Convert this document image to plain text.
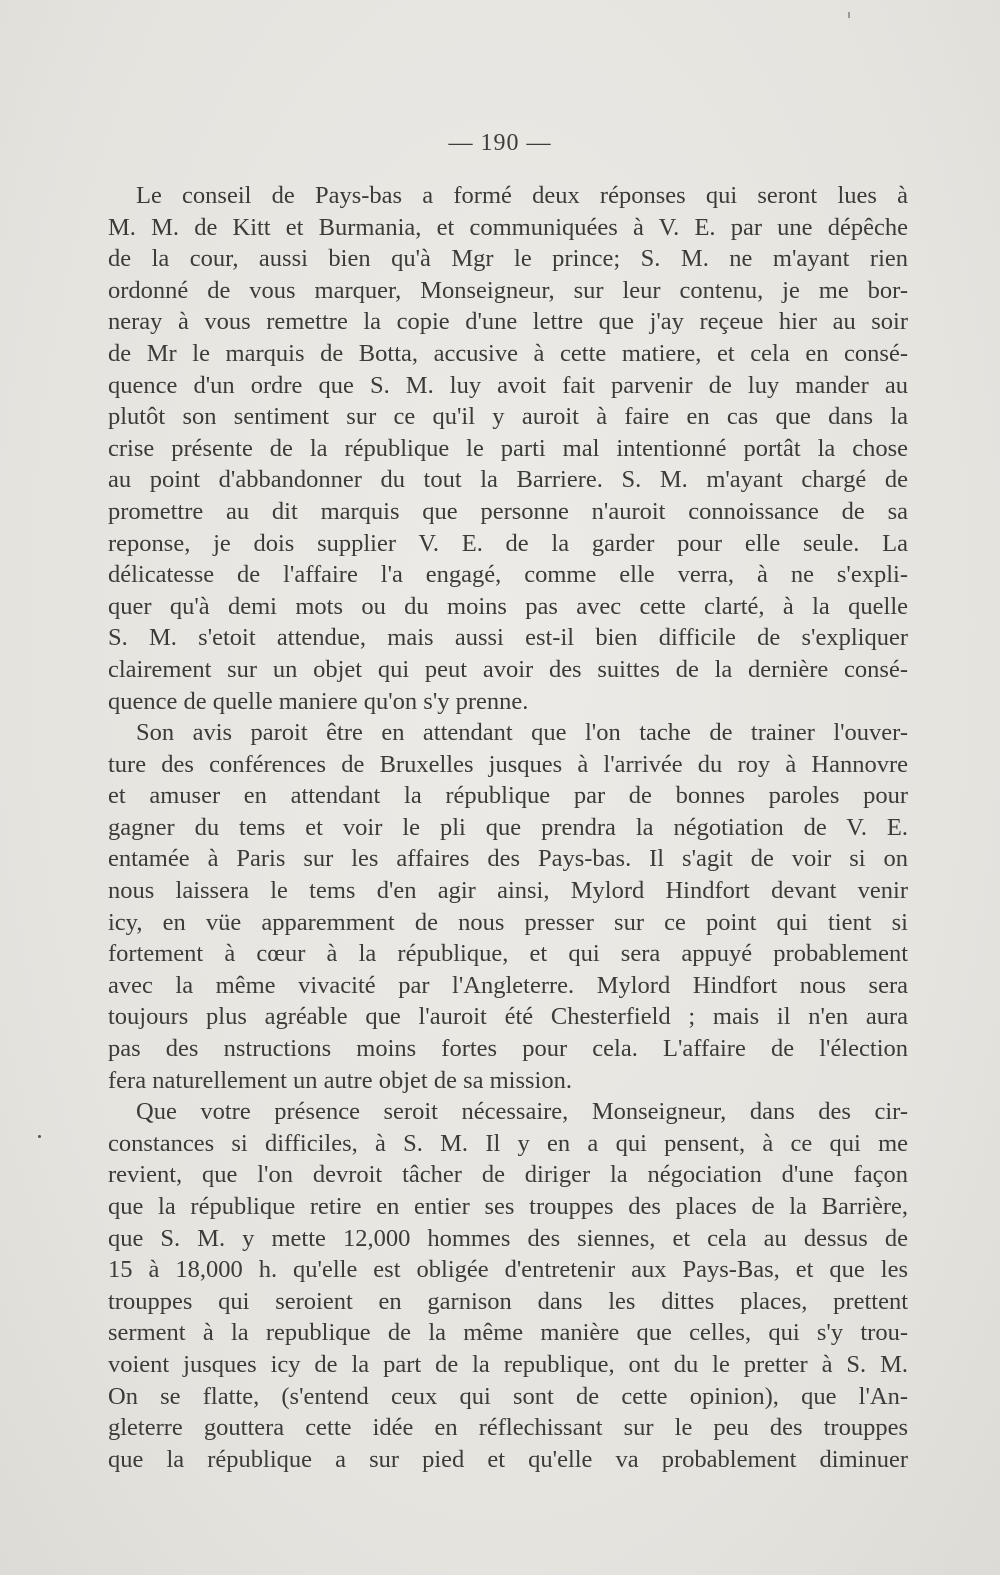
— 190 —
Le conseil de Pays-bas a formé deux réponses qui seront lues à
M. M. de Kitt et Burmania, et communiquées à V. E. par une dépêche
de la cour, aussi bien qu'à Mgr le prince; S. M. ne m'ayant rien
ordonné de vous marquer, Monseigneur, sur leur contenu, je me bor-
neray à vous remettre la copie d'une lettre que j'ay reçeue hier au soir
de Mr le marquis de Botta, accusive à cette matiere, et cela en consé-
quence d'un ordre que S. M. luy avoit fait parvenir de luy mander au
plutôt son sentiment sur ce qu'il y auroit à faire en cas que dans la
crise présente de la république le parti mal intentionné portât la chose
au point d'abbandonner du tout la Barriere. S. M. m'ayant chargé de
promettre au dit marquis que personne n'auroit connoissance de sa
reponse, je dois supplier V. E. de la garder pour elle seule. La
délicatesse de l'affaire l'a engagé, comme elle verra, à ne s'expli-
quer qu'à demi mots ou du moins pas avec cette clarté, à la quelle
S. M. s'etoit attendue, mais aussi est-il bien difficile de s'expliquer
clairement sur un objet qui peut avoir des suittes de la dernière consé-
quence de quelle maniere qu'on s'y prenne.
Son avis paroit être en attendant que l'on tache de trainer l'ouver-
ture des conférences de Bruxelles jusques à l'arrivée du roy à Hannovre
et amuser en attendant la république par de bonnes paroles pour
gagner du tems et voir le pli que prendra la négotiation de V. E.
entamée à Paris sur les affaires des Pays-bas. Il s'agit de voir si on
nous laissera le tems d'en agir ainsi, Mylord Hindfort devant venir
icy, en vüe apparemment de nous presser sur ce point qui tient si
fortement à cœur à la république, et qui sera appuyé probablement
avec la même vivacité par l'Angleterre. Mylord Hindfort nous sera
toujours plus agréable que l'auroit été Chesterfield ; mais il n'en aura
pas des nstructions moins fortes pour cela. L'affaire de l'élection
fera naturellement un autre objet de sa mission.
Que votre présence seroit nécessaire, Monseigneur, dans des cir-
constances si difficiles, à S. M. Il y en a qui pensent, à ce qui me
revient, que l'on devroit tâcher de diriger la négociation d'une façon
que la république retire en entier ses trouppes des places de la Barrière,
que S. M. y mette 12,000 hommes des siennes, et cela au dessus de
15 à 18,000 h. qu'elle est obligée d'entretenir aux Pays-Bas, et que les
trouppes qui seroient en garnison dans les dittes places, prettent
serment à la republique de la même manière que celles, qui s'y trou-
voient jusques icy de la part de la republique, ont du le pretter à S. M.
On se flatte, (s'entend ceux qui sont de cette opinion), que l'An-
gleterre gouttera cette idée en réflechissant sur le peu des trouppes
que la république a sur pied et qu'elle va probablement diminuer
